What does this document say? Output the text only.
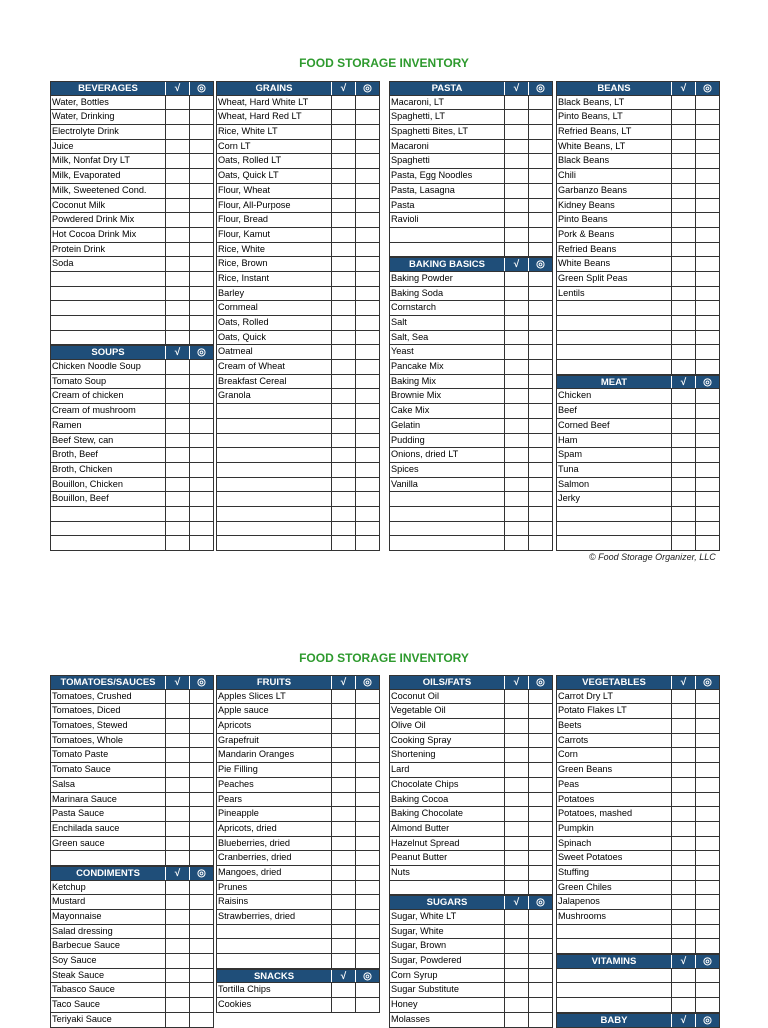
FOOD STORAGE INVENTORY
BEVERAGES	√	◎
Water, Bottles
Water, Drinking
Electrolyte Drink
Juice
Milk, Nonfat Dry LT
Milk, Evaporated
Milk, Sweetened Cond.
Coconut Milk
Powdered Drink Mix
Hot Cocoa Drink Mix
Protein Drink
Soda
SOUPS	√	◎
Chicken Noodle Soup
Tomato Soup
Cream of chicken
Cream of mushroom
Ramen
Beef Stew, can
Broth, Beef
Broth, Chicken
Bouillon, Chicken
Bouillon, Beef
GRAINS	√	◎
Wheat, Hard White LT
Wheat, Hard Red LT
Rice, White LT
Corn LT
Oats, Rolled LT
Oats, Quick LT
Flour, Wheat
Flour, All-Purpose
Flour, Bread
Flour, Kamut
Rice, White
Rice, Brown
Rice, Instant
Barley
Cornmeal
Oats, Rolled
Oats, Quick
Oatmeal
Cream of Wheat
Breakfast Cereal
Granola
PASTA	√	◎
Macaroni, LT
Spaghetti, LT
Spaghetti Bites, LT
Macaroni
Spaghetti
Pasta, Egg Noodles
Pasta, Lasagna
Pasta
Ravioli
BAKING BASICS	√	◎
Baking Powder
Baking Soda
Cornstarch
Salt
Salt, Sea
Yeast
Pancake Mix
Baking Mix
Brownie Mix
Cake Mix
Gelatin
Pudding
Onions, dried LT
Spices
Vanilla
BEANS	√	◎
Black Beans, LT
Pinto Beans, LT
Refried Beans, LT
White Beans, LT
Black Beans
Chili
Garbanzo Beans
Kidney Beans
Pinto Beans
Pork & Beans
Refried Beans
White Beans
Green Split Peas
Lentils
MEAT	√	◎
Chicken
Beef
Corned Beef
Ham
Spam
Tuna
Salmon
Jerky
© Food Storage Organizer, LLC
FOOD STORAGE INVENTORY
TOMATOES/SAUCES	√	◎
Tomatoes, Crushed
Tomatoes, Diced
Tomatoes, Stewed
Tomatoes, Whole
Tomato Paste
Tomato Sauce
Salsa
Marinara Sauce
Pasta Sauce
Enchilada sauce
Green sauce
CONDIMENTS	√	◎
Ketchup
Mustard
Mayonnaise
Salad dressing
Barbecue Sauce
Soy Sauce
Steak Sauce
Tabasco Sauce
Taco Sauce
Teriyaki Sauce
FRUITS	√	◎
Apples Slices LT
Apple sauce
Apricots
Grapefruit
Mandarin Oranges
Pie Filling
Peaches
Pears
Pineapple
Apricots, dried
Blueberries, dried
Cranberries, dried
Mangoes, dried
Prunes
Raisins
Strawberries, dried
SNACKS	√	◎
Tortilla Chips
Cookies
OILS/FATS	√	◎
Coconut Oil
Vegetable Oil
Olive Oil
Cooking Spray
Shortening
Lard
Chocolate Chips
Baking Cocoa
Baking Chocolate
Almond Butter
Hazelnut Spread
Peanut Butter
Nuts
SUGARS	√	◎
Sugar, White LT
Sugar, White
Sugar, Brown
Sugar, Powdered
Corn Syrup
Sugar Substitute
Honey
Molasses
VEGETABLES	√	◎
Carrot Dry LT
Potato Flakes LT
Beets
Carrots
Corn
Green Beans
Peas
Potatoes
Potatoes, mashed
Pumpkin
Spinach
Sweet Potatoes
Stuffing
Green Chiles
Jalapenos
Mushrooms
VITAMINS	√	◎
BABY	√	◎
